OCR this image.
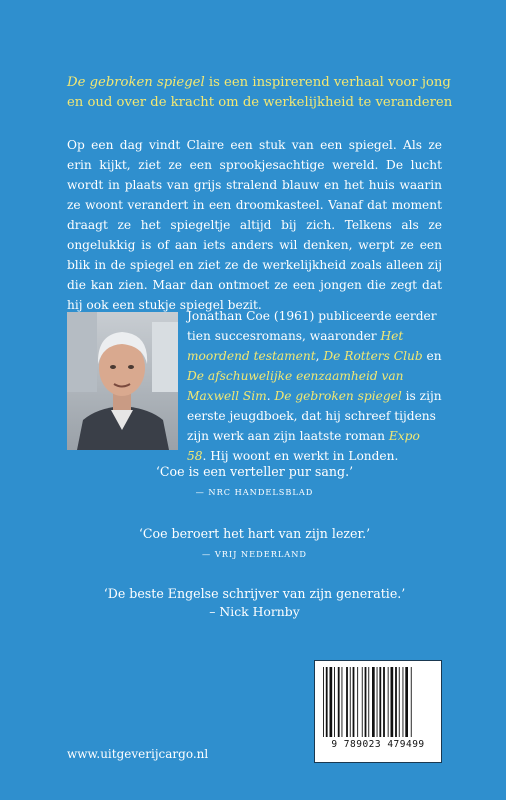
De gebroken spiegel is een inspirerend verhaal voor jong en oud over de kracht om de werkelijkheid te veranderen

Op een dag vindt Claire een stuk van een spiegel. Als ze erin kijkt, ziet ze een sprookjesachtige wereld. De lucht wordt in plaats van grijs stralend blauw en het huis waarin ze woont verandert in een droomkasteel. Vanaf dat moment draagt ze het spiegeltje altijd bij zich. Telkens als ze ongelukkig is of aan iets anders wil denken, werpt ze een blik in de spiegel en ziet ze de werkelijkheid zoals alleen zij die kan zien. Maar dan ontmoet ze een jongen die zegt dat hij ook een stukje spiegel bezit.

Jonathan Coe (1961) publiceerde eerder tien succesromans, waaronder Het moordend testament, De Rotters Club en De afschuwelijke eenzaamheid van Maxwell Sim. De gebroken spiegel is zijn eerste jeugdboek, dat hij schreef tijdens zijn werk aan zijn laatste roman Expo 58. Hij woont en werkt in Londen.
‘Coe is een verteller pur sang.’
— NRC HANDELSBLAD
‘Coe beroert het hart van zijn lezer.’
— VRIJ NEDERLAND
‘De beste Engelse schrijver van zijn generatie.’
– Nick Hornby
9 789023 479499
www.uitgeverijcargo.nl
